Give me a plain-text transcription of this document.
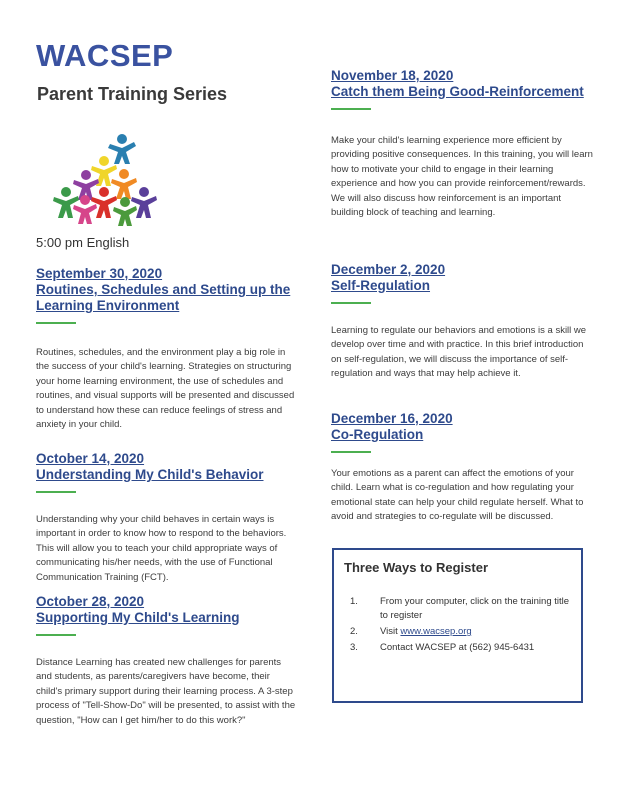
WACSEP
Parent Training Series
5:00 pm English
September 30, 2020
Routines, Schedules and Setting up the Learning Environment
Routines, schedules, and the environment play a big role in the success of your child's learning. Strategies on structuring your home learning environment, the use of schedules and routines, and visual supports will be presented and discussed to understand how these can reduce feelings of stress and anxiety in your child.
October 14, 2020
Understanding My Child's Behavior
Understanding why your child behaves in certain ways is important in order to know how to respond to the behaviors. This will allow you to teach your child appropriate ways of communicating his/her needs, with the use of Functional Communication Training (FCT).
October 28, 2020
Supporting My Child's Learning
Distance Learning has created new challenges for parents and students, as parents/caregivers have become, their child's primary support during their learning process. A 3-step process of "Tell-Show-Do" will be presented, to assist with the question, "How can I get him/her to do this work?"
November 18, 2020
Catch them Being Good-Reinforcement
Make your child's learning experience more efficient by providing positive consequences. In this training, you will learn how to motivate your child to engage in their learning experience and how you can provide reinforcement/rewards. We will also discuss how reinforcement is an important building block of teaching and learning.
December 2, 2020
Self-Regulation
Learning to regulate our behaviors and emotions is a skill we develop over time and with practice. In this brief introduction on self-regulation, we will discuss the importance of self-regulation and ways that may help achieve it.
December 16, 2020
Co-Regulation
Your emotions as a parent can affect the emotions of your child. Learn what is co-regulation and how regulating your emotional state can help your child regulate herself. What to avoid and strategies to co-regulate will be discussed.
Three Ways to Register
1.	From your computer, click on the training title to register
2.	Visit www.wacsep.org
3.	Contact WACSEP at (562) 945-6431
